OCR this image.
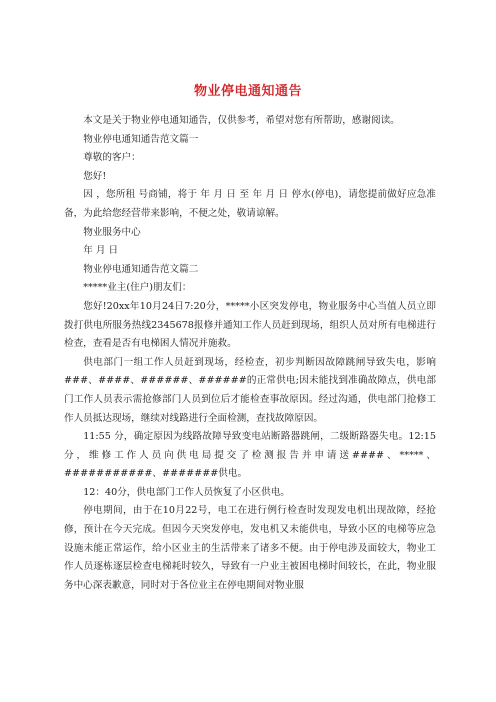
物业停电通知通告

本文是关于物业停电通知通告，仅供参考，希望对您有所帮助，感谢阅读。

物业停电通知通告范文篇一

尊敬的客户：

您好!

因 ，您所租 号商铺，将于 年 月 日 至 年 月 日 停水(停电)，请您提前做好应急准备，为此给您经营带来影响，不便之处，敬请谅解。

物业服务中心

年 月 日

物业停电通知通告范文篇二

*****业主(住户)朋友们：

您好!20xx年10月24日7:20分，*****小区突发停电，物业服务中心当值人员立即拨打供电所服务热线2345678报修并通知工作人员赶到现场，组织人员对所有电梯进行检查，查看是否有电梯困人情况并施救。

供电部门一组工作人员赶到现场，经检查，初步判断因故障跳闸导致失电，影响###、####、######、######的正常供电;因未能找到准确故障点，供电部门工作人员表示需抢修部门人员到位后才能检查事故原因。经过沟通，供电部门抢修工作人员抵达现场，继续对线路进行全面检测，查找故障原因。

11:55 分，确定原因为线路故障导致变电站断路器跳闸，二级断路器失电。12:15分，维修工作人员向供电局提交了检测报告并申请送####、*****、###########、#######供电。

12：40分，供电部门工作人员恢复了小区供电。

停电期间，由于在10月22号，电工在进行例行检查时发现发电机出现故障，经抢修，预计在今天完成。但因今天突发停电，发电机又未能供电，导致小区的电梯等应急设施未能正常运作，给小区业主的生活带来了诸多不便。由于停电涉及面较大，物业工作人员逐栋逐层检查电梯耗时较久，导致有一户业主被困电梯时间较长，在此，物业服务中心深表歉意，同时对于各位业主在停电期间对物业服
